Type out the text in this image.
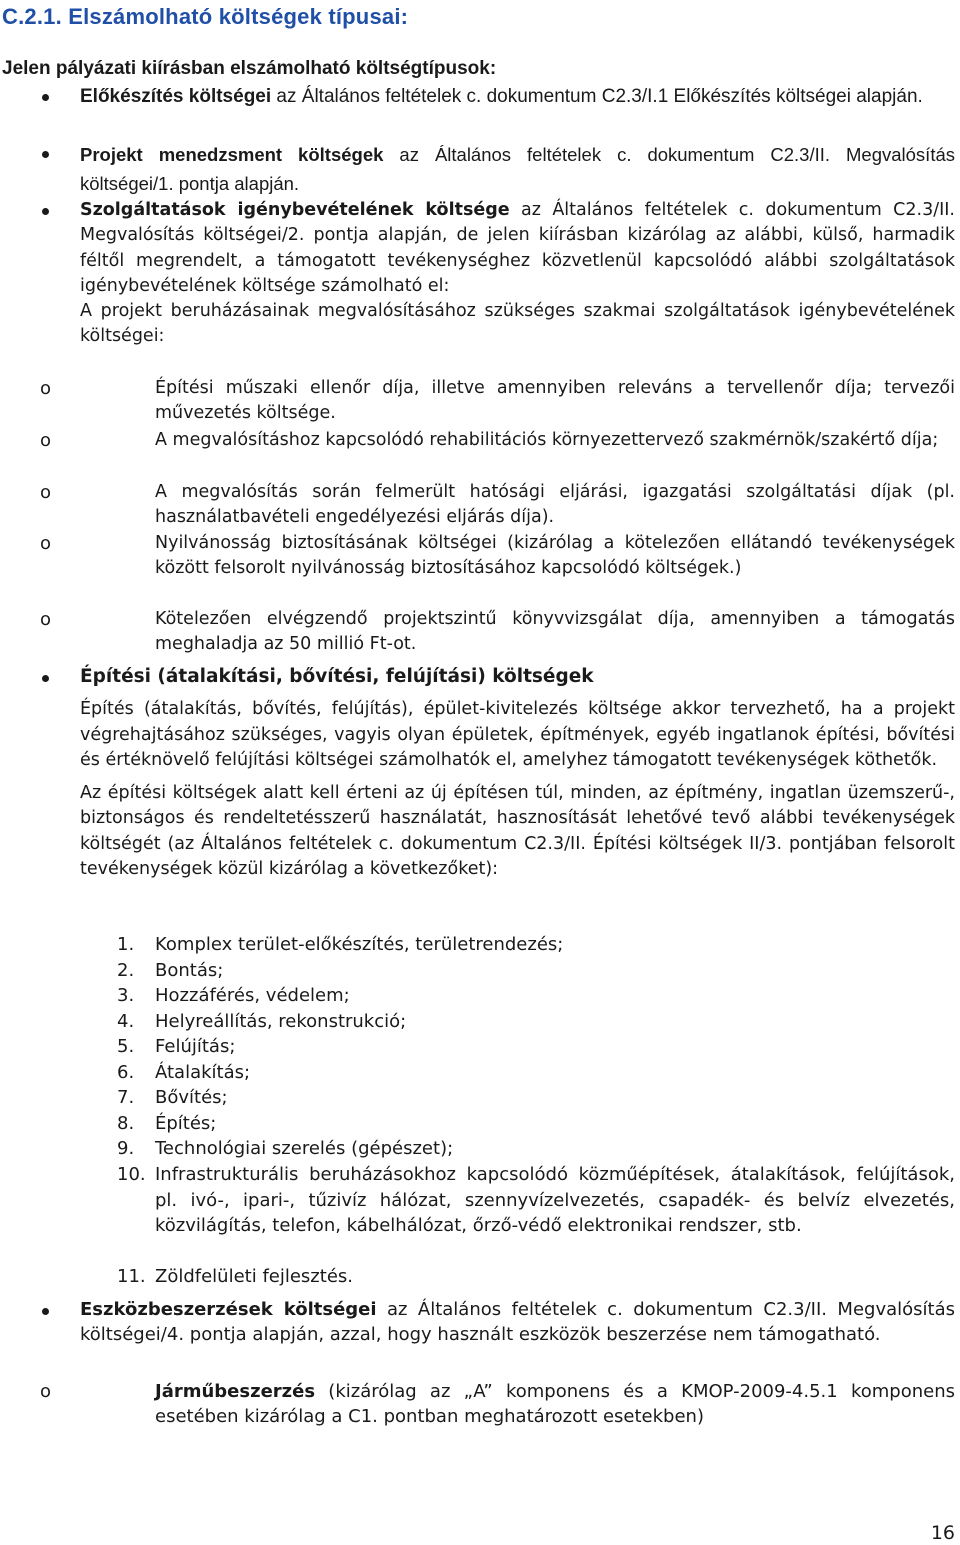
C.2.1. Elszámolható költségek típusai:

Jelen pályázati kiírásban elszámolható költségtípusok:

Előkészítés költségei az Általános feltételek c. dokumentum C2.3/I.1 Előkészítés költségei alapján.

Projekt menedzsment költségek az Általános feltételek c. dokumentum C2.3/II. Megvalósítás költségei/1. pontja alapján.

Szolgáltatások igénybevételének költsége az Általános feltételek c. dokumentum C2.3/II. Megvalósítás költségei/2. pontja alapján, de jelen kiírásban kizárólag az alábbi, külső, harmadik féltől megrendelt, a támogatott tevékenységhez közvetlenül kapcsolódó alábbi szolgáltatások igénybevételének költsége számolható el:

A projekt beruházásainak megvalósításához szükséges szakmai szolgáltatások igénybevételének költségei:

o	Építési műszaki ellenőr díja, illetve amennyiben releváns a tervellenőr díja; tervezői művezetés költsége.

o	A megvalósításhoz kapcsolódó rehabilitációs környezettervező szakmérnök/szakértő díja;

o	A megvalósítás során felmerült hatósági eljárási, igazgatási szolgáltatási díjak (pl. használatbavételi engedélyezési eljárás díja).

o	Nyilvánosság biztosításának költségei (kizárólag a kötelezően ellátandó tevékenységek között felsorolt nyilvánosság biztosításához kapcsolódó költségek.)

o	Kötelezően elvégzendő projektszintű könyvvizsgálat díja, amennyiben a támogatás meghaladja az 50 millió Ft-ot.

Építési (átalakítási, bővítési, felújítási) költségek

Építés (átalakítás, bővítés, felújítás), épület-kivitelezés költsége akkor tervezhető, ha a projekt végrehajtásához szükséges, vagyis olyan épületek, építmények, egyéb ingatlanok építési, bővítési és értéknövelő felújítási költségei számolhatók el, amelyhez támogatott tevékenységek köthetők.

Az építési költségek alatt kell érteni az új építésen túl, minden, az építmény, ingatlan üzemszerű-, biztonságos és rendeltetésszerű használatát, hasznosítását lehetővé tevő alábbi tevékenységek költségét (az Általános feltételek c. dokumentum C2.3/II. Építési költségek II/3. pontjában felsorolt tevékenységek közül kizárólag a következőket):

1.	Komplex terület-előkészítés, területrendezés;

2.	Bontás;

3.	Hozzáférés, védelem;

4.	Helyreállítás, rekonstrukció;

5.	Felújítás;

6.	Átalakítás;

7.	Bővítés;

8.	Építés;

9.	Technológiai szerelés (gépészet);

10. Infrastrukturális beruházásokhoz kapcsolódó közműépítések, átalakítások, felújítások, pl. ivó-, ipari-, tűzivíz hálózat, szennyvízelvezetés, csapadék- és belvíz elvezetés, közvilágítás, telefon, kábelhálózat, őrző-védő elektronikai rendszer, stb.

11. Zöldfelületi fejlesztés.

Eszközbeszerzések költségei az Általános feltételek c. dokumentum C2.3/II. Megvalósítás költségei/4. pontja alapján, azzal, hogy használt eszközök beszerzése nem támogatható.

o	Járműbeszerzés (kizárólag az „A” komponens és a KMOP-2009-4.5.1 komponens esetében kizárólag a C1. pontban meghatározott esetekben)

16
